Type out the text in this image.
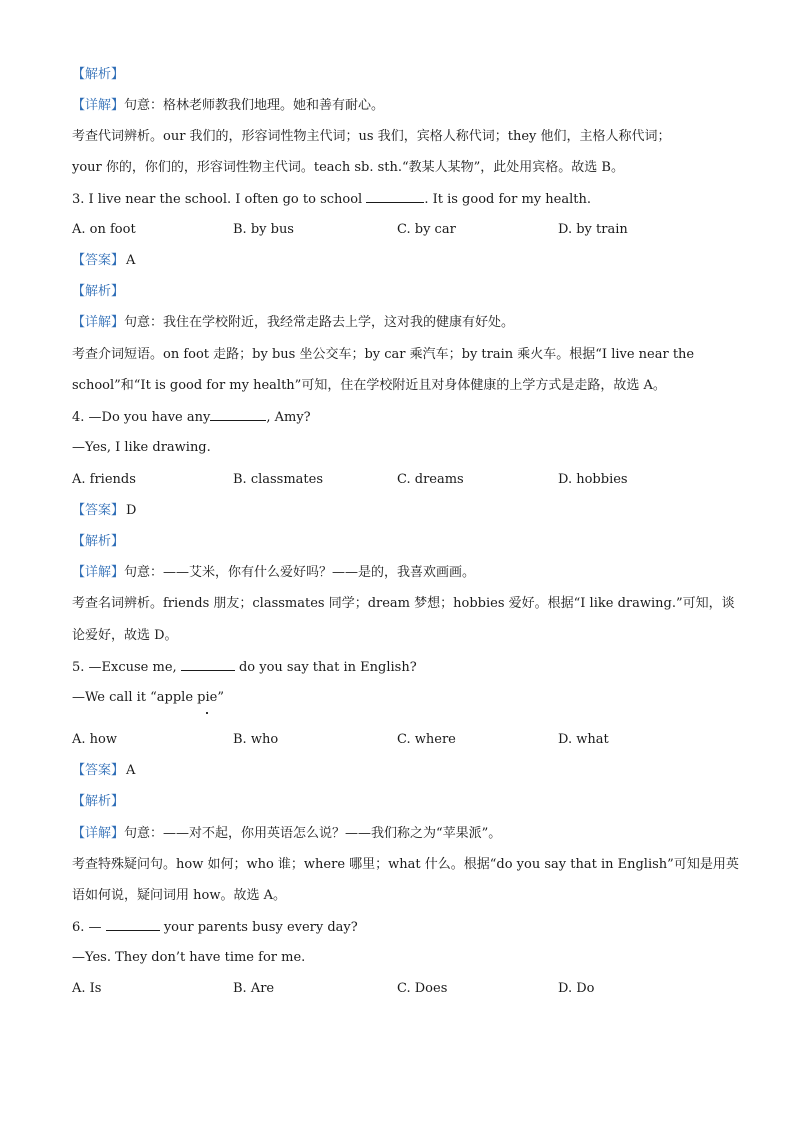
【解析】
【详解】句意：格林老师教我们地理。她和善有耐心。
考查代词辨析。our 我们的，形容词性物主代词；us 我们，宾格人称代词；they 他们，主格人称代词；
your 你的，你们的，形容词性物主代词。teach sb. sth.“教某人某物”，此处用宾格。故选 B。
3. I live near the school. I often go to school	. It is good for my health.
A. on foot	B. by bus	C. by car	D. by train
【答案】 A
【解析】
【详解】句意：我住在学校附近，我经常走路去上学，这对我的健康有好处。
考查介词短语。on foot 走路；by bus 坐公交车；by car 乘汽车；by train 乘火车。根据“I live near the
school”和“It is good for my health”可知，住在学校附近且对身体健康的上学方式是走路，故选 A。
4. —Do you have any	, Amy?
—Yes, I like drawing.
A. friends	B. classmates	C. dreams	D. hobbies
【答案】 D
【解析】
【详解】句意：——艾米，你有什么爱好吗？——是的，我喜欢画画。
考查名词辨析。friends 朋友；classmates 同学；dream 梦想；hobbies 爱好。根据“I like drawing.”可知，谈
论爱好，故选 D。
5. —Excuse me,	do you say that in English?
—We call it “apple pie”
A. how	B. who	C. where	D. what
【答案】 A
【解析】
【详解】句意：——对不起，你用英语怎么说？——我们称之为“苹果派”。
考查特殊疑问句。how 如何；who 谁；where 哪里；what 什么。根据“do you say that in English”可知是用英
语如何说，疑问词用 how。故选 A。
6. —	your parents busy every day?
—Yes. They don’t have time for me.
A. Is	B. Are	C. Does	D. Do
